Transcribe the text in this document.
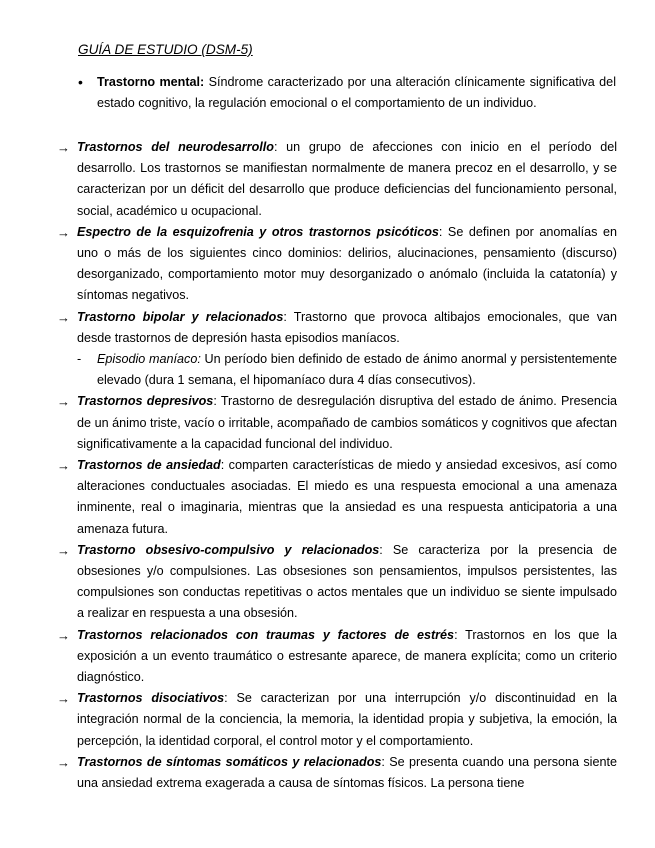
GUÍA DE ESTUDIO (DSM-5)
• Trastorno mental: Síndrome caracterizado por una alteración clínicamente significativa del estado cognitivo, la regulación emocional o el comportamiento de un individuo.

→ Trastornos del neurodesarrollo: un grupo de afecciones con inicio en el período del desarrollo. Los trastornos se manifiestan normalmente de manera precoz en el desarrollo, y se caracterizan por un déficit del desarrollo que produce deficiencias del funcionamiento personal, social, académico u ocupacional.
→ Espectro de la esquizofrenia y otros trastornos psicóticos: Se definen por anomalías en uno o más de los siguientes cinco dominios: delirios, alucinaciones, pensamiento (discurso) desorganizado, comportamiento motor muy desorganizado o anómalo (incluida la catatonía) y síntomas negativos.
→ Trastorno bipolar y relacionados: Trastorno que provoca altibajos emocionales, que van desde trastornos de depresión hasta episodios maníacos.
- Episodio maníaco: Un período bien definido de estado de ánimo anormal y persistentemente elevado (dura 1 semana, el hipomaníaco dura 4 días consecutivos).
→ Trastornos depresivos: Trastorno de desregulación disruptiva del estado de ánimo. Presencia de un ánimo triste, vacío o irritable, acompañado de cambios somáticos y cognitivos que afectan significativamente a la capacidad funcional del individuo.
→ Trastornos de ansiedad: comparten características de miedo y ansiedad excesivos, así como alteraciones conductuales asociadas. El miedo es una respuesta emocional a una amenaza inminente, real o imaginaria, mientras que la ansiedad es una respuesta anticipatoria a una amenaza futura.
→ Trastorno obsesivo-compulsivo y relacionados: Se caracteriza por la presencia de obsesiones y/o compulsiones. Las obsesiones son pensamientos, impulsos persistentes, las compulsiones son conductas repetitivas o actos mentales que un individuo se siente impulsado a realizar en respuesta a una obsesión.
→ Trastornos relacionados con traumas y factores de estrés: Trastornos en los que la exposición a un evento traumático o estresante aparece, de manera explícita; como un criterio diagnóstico.
→ Trastornos disociativos: Se caracterizan por una interrupción y/o discontinuidad en la integración normal de la conciencia, la memoria, la identidad propia y subjetiva, la emoción, la percepción, la identidad corporal, el control motor y el comportamiento.
→ Trastornos de síntomas somáticos y relacionados: Se presenta cuando una persona siente una ansiedad extrema exagerada a causa de síntomas físicos. La persona tiene
